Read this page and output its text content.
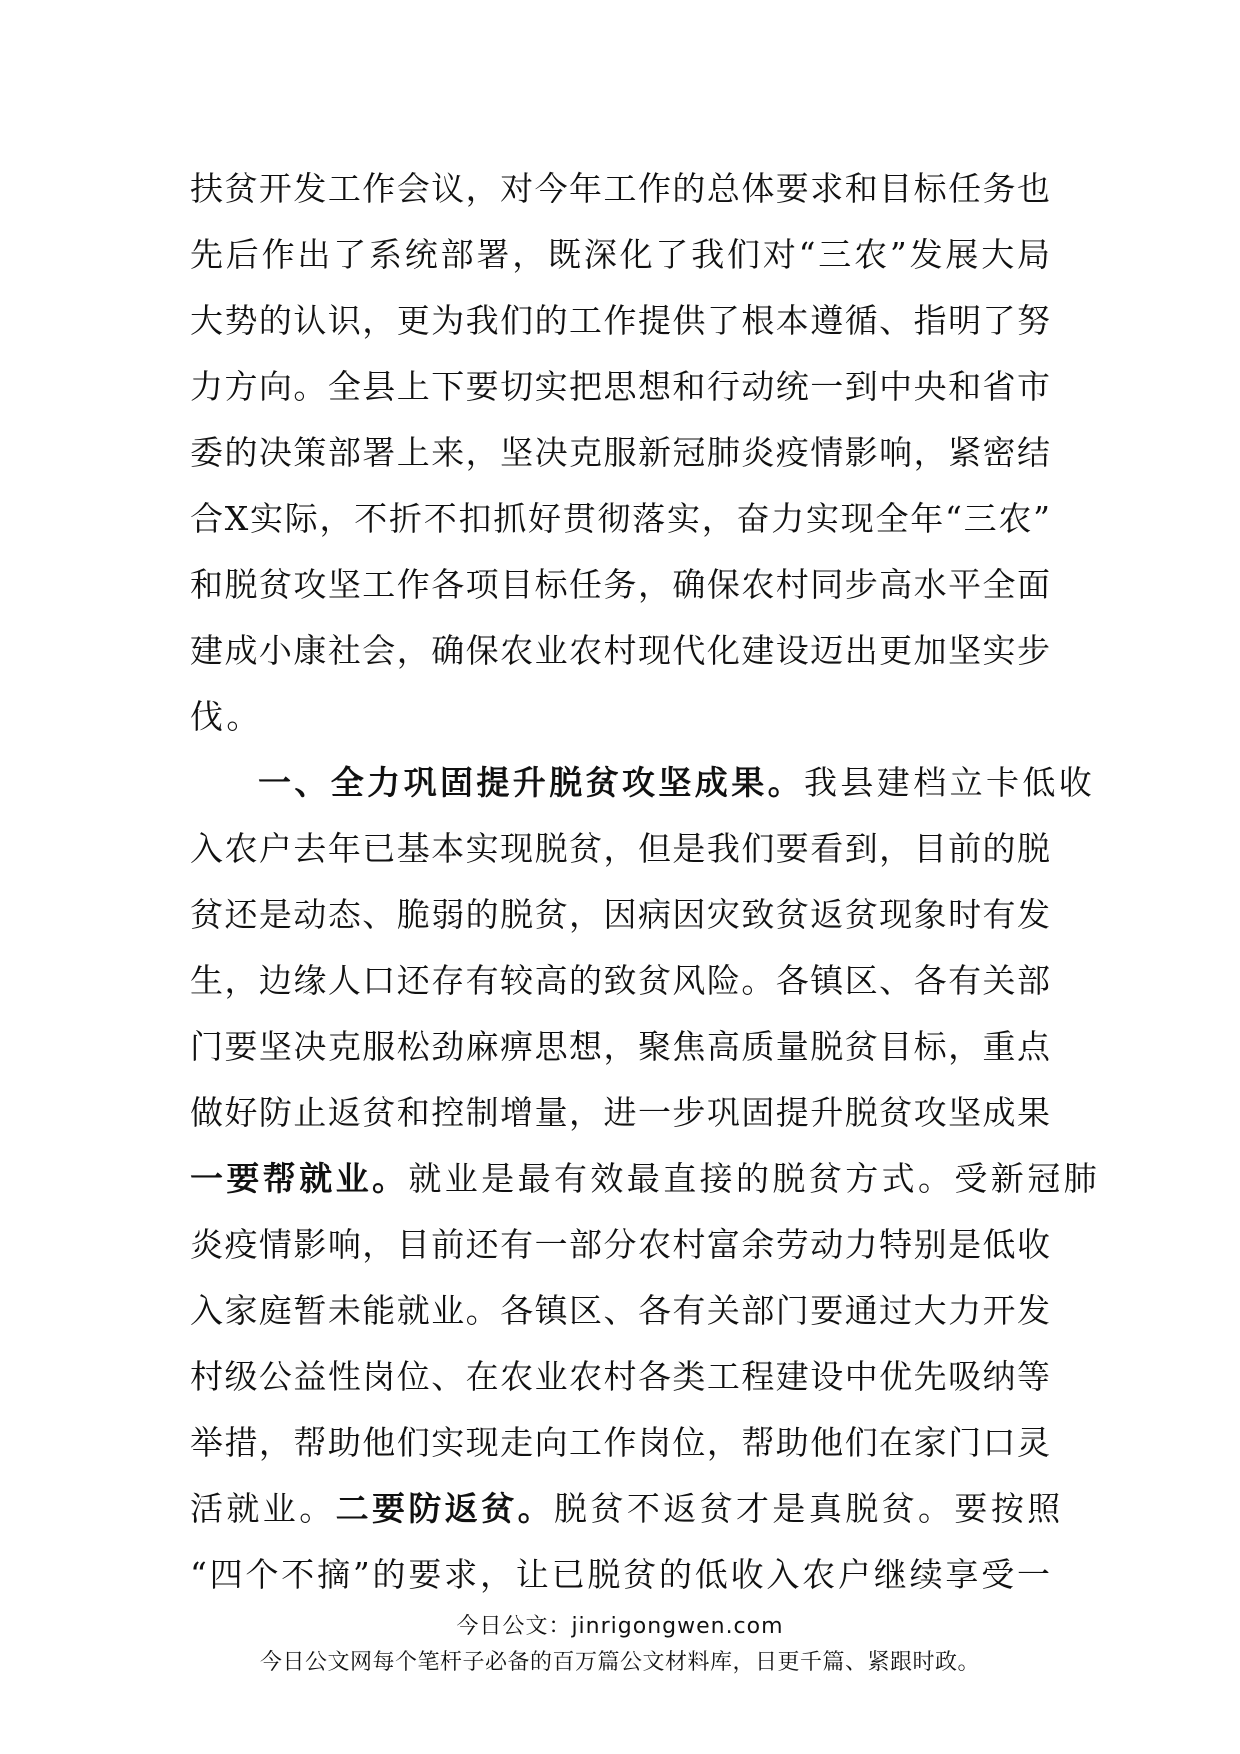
扶贫开发工作会议，对今年工作的总体要求和目标任务也
先后作出了系统部署，既深化了我们对“三农”发展大局
大势的认识，更为我们的工作提供了根本遵循、指明了努
力方向。全县上下要切实把思想和行动统一到中央和省市
委的决策部署上来，坚决克服新冠肺炎疫情影响，紧密结
合X实际，不折不扣抓好贯彻落实，奋力实现全年“三农”
和脱贫攻坚工作各项目标任务，确保农村同步高水平全面
建成小康社会，确保农业农村现代化建设迈出更加坚实步
伐。
一、全力巩固提升脱贫攻坚成果。我县建档立卡低收
入农户去年已基本实现脱贫，但是我们要看到，目前的脱
贫还是动态、脆弱的脱贫，因病因灾致贫返贫现象时有发
生，边缘人口还存有较高的致贫风险。各镇区、各有关部
门要坚决克服松劲麻痹思想，聚焦高质量脱贫目标，重点
做好防止返贫和控制增量，进一步巩固提升脱贫攻坚成果
一要帮就业。就业是最有效最直接的脱贫方式。受新冠肺
炎疫情影响，目前还有一部分农村富余劳动力特别是低收
入家庭暂未能就业。各镇区、各有关部门要通过大力开发
村级公益性岗位、在农业农村各类工程建设中优先吸纳等
举措，帮助他们实现走向工作岗位，帮助他们在家门口灵
活就业。二要防返贫。脱贫不返贫才是真脱贫。要按照
“四个不摘”的要求，让已脱贫的低收入农户继续享受一
今日公文：jinrigongwen.com
今日公文网每个笔杆子必备的百万篇公文材料库，日更千篇、紧跟时政。
